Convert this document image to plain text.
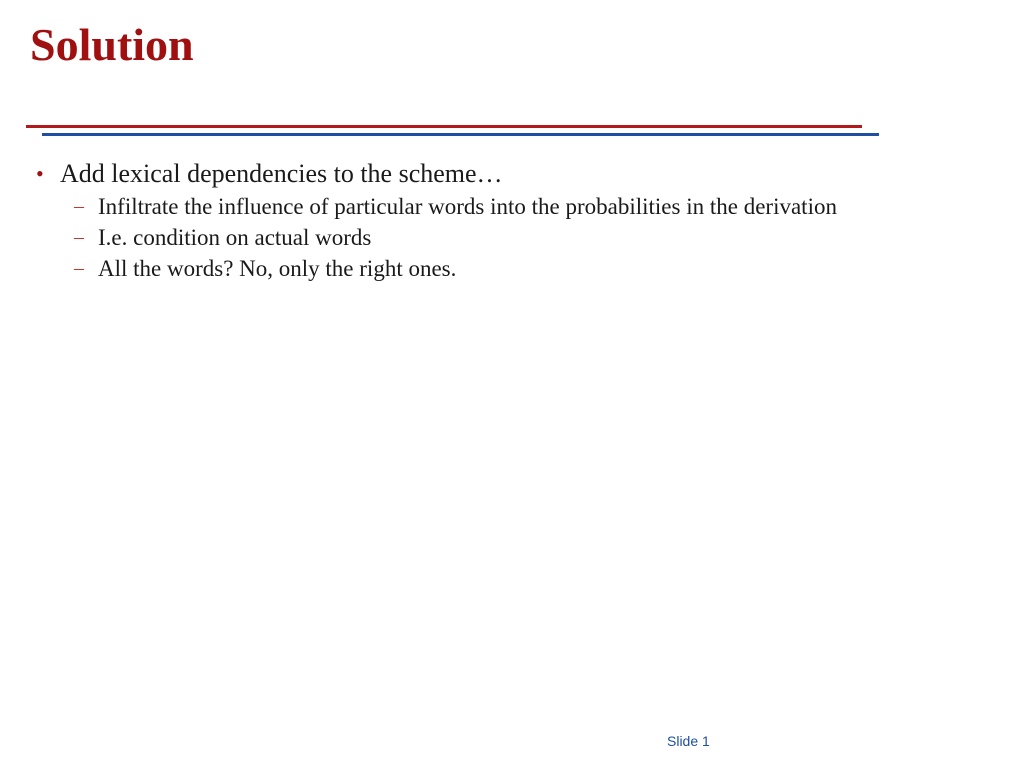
Solution
• Add lexical dependencies to the scheme…
– Infiltrate the influence of particular words into the probabilities in the derivation
– I.e. condition on actual words
– All the words? No, only the right ones.
Slide 1
